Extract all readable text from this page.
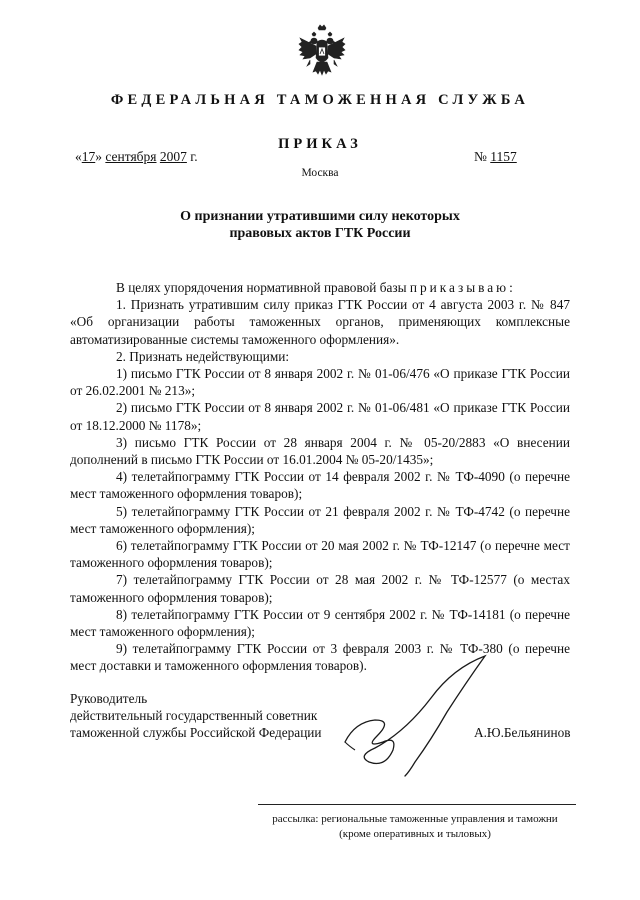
ФЕДЕРАЛЬНАЯ ТАМОЖЕННАЯ СЛУЖБА
ПРИКАЗ
«17» сентября 2007 г.	№ 1157
Москва
О признании утратившими силу некоторых
правовых актов ГТК России

В целях упорядочения нормативной правовой базы приказываю:

1. Признать утратившим силу приказ ГТК России от 4 августа 2003 г. № 847 «Об организации работы таможенных органов, применяющих комплексные автоматизированные системы таможенного оформления».

2. Признать недействующими:

1) письмо ГТК России от 8 января 2002 г. № 01-06/476 «О приказе ГТК России от 26.02.2001 № 213»;

2) письмо ГТК России от 8 января 2002 г. № 01-06/481 «О приказе ГТК России от 18.12.2000 № 1178»;

3) письмо ГТК России от 28 января 2004 г. № 05-20/2883 «О внесении дополнений в письмо ГТК России от 16.01.2004 № 05-20/1435»;

4) телетайпограмму ГТК России от 14 февраля 2002 г. № ТФ-4090 (о перечне мест таможенного оформления товаров);

5) телетайпограмму ГТК России от 21 февраля 2002 г. № ТФ-4742 (о перечне мест таможенного оформления);

6) телетайпограмму ГТК России от 20 мая 2002 г. № ТФ-12147 (о перечне мест таможенного оформления товаров);

7) телетайпограмму ГТК России от 28 мая 2002 г. № ТФ-12577 (о местах таможенного оформления товаров);

8) телетайпограмму ГТК России от 9 сентября 2002 г. № ТФ-14181 (о перечне мест таможенного оформления);

9) телетайпограмму ГТК России от 3 февраля 2003 г. № ТФ-380 (о перечне мест доставки и таможенного оформления товаров).

Руководитель
действительный государственный советник
таможенной службы Российской Федерации	А.Ю.Бельянинов
рассылка: региональные таможенные управления и таможни
(кроме оперативных и тыловых)
